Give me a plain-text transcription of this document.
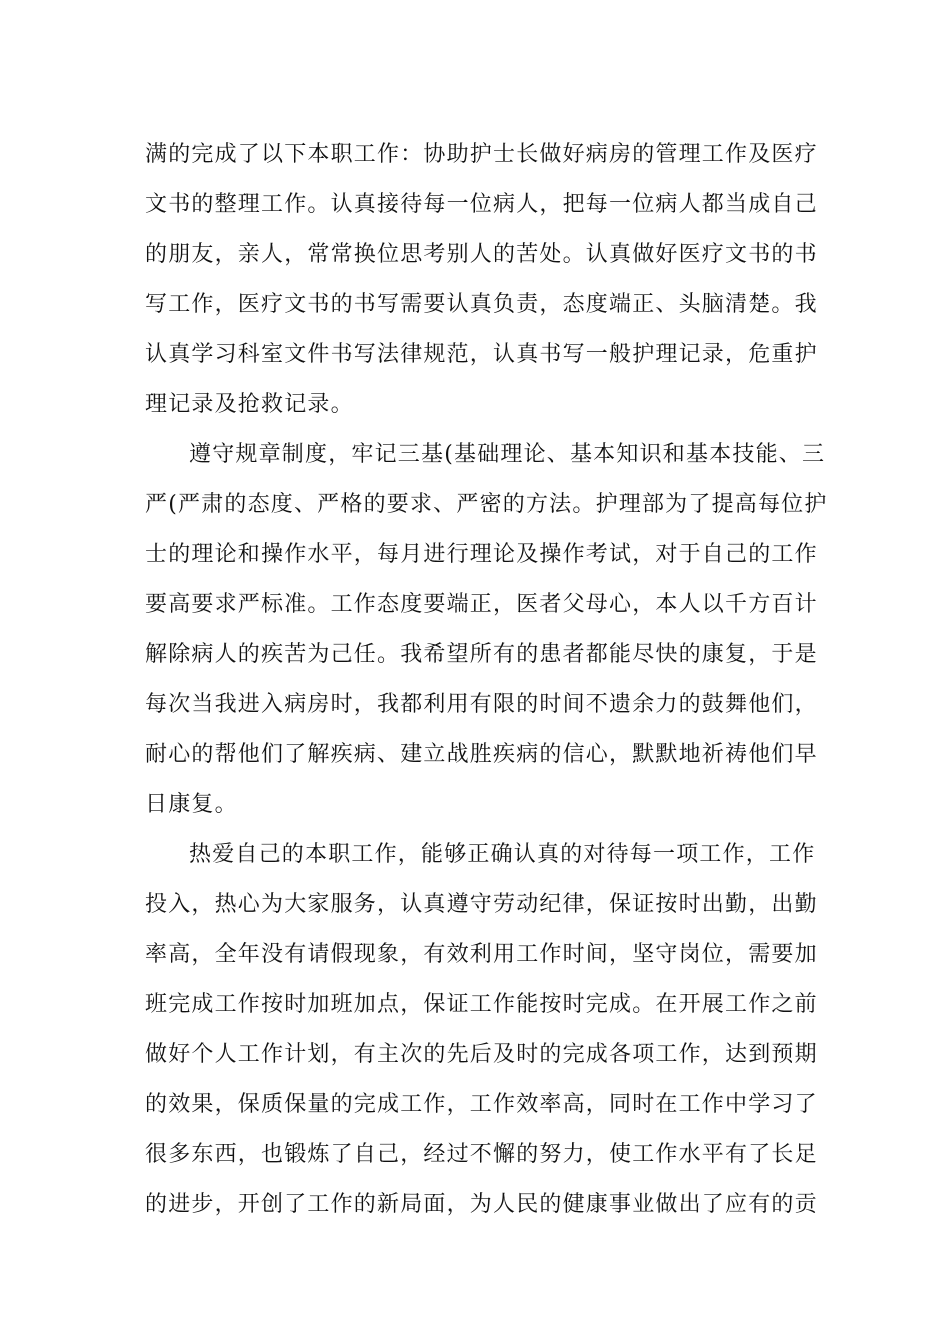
满的完成了以下本职工作：协助护士长做好病房的管理工作及医疗
文书的整理工作。认真接待每一位病人，把每一位病人都当成自己
的朋友，亲人，常常换位思考别人的苦处。认真做好医疗文书的书
写工作，医疗文书的书写需要认真负责，态度端正、头脑清楚。我
认真学习科室文件书写法律规范，认真书写一般护理记录，危重护
理记录及抢救记录。
遵守规章制度，牢记三基(基础理论、基本知识和基本技能、三
严(严肃的态度、严格的要求、严密的方法。护理部为了提高每位护
士的理论和操作水平，每月进行理论及操作考试，对于自己的工作
要高要求严标准。工作态度要端正，医者父母心，本人以千方百计
解除病人的疾苦为己任。我希望所有的患者都能尽快的康复，于是
每次当我进入病房时，我都利用有限的时间不遗余力的鼓舞他们，
耐心的帮他们了解疾病、建立战胜疾病的信心，默默地祈祷他们早
日康复。
热爱自己的本职工作，能够正确认真的对待每一项工作，工作
投入，热心为大家服务，认真遵守劳动纪律，保证按时出勤，出勤
率高，全年没有请假现象，有效利用工作时间，坚守岗位，需要加
班完成工作按时加班加点，保证工作能按时完成。在开展工作之前
做好个人工作计划，有主次的先后及时的完成各项工作，达到预期
的效果，保质保量的完成工作，工作效率高，同时在工作中学习了
很多东西，也锻炼了自己，经过不懈的努力，使工作水平有了长足
的进步，开创了工作的新局面，为人民的健康事业做出了应有的贡
